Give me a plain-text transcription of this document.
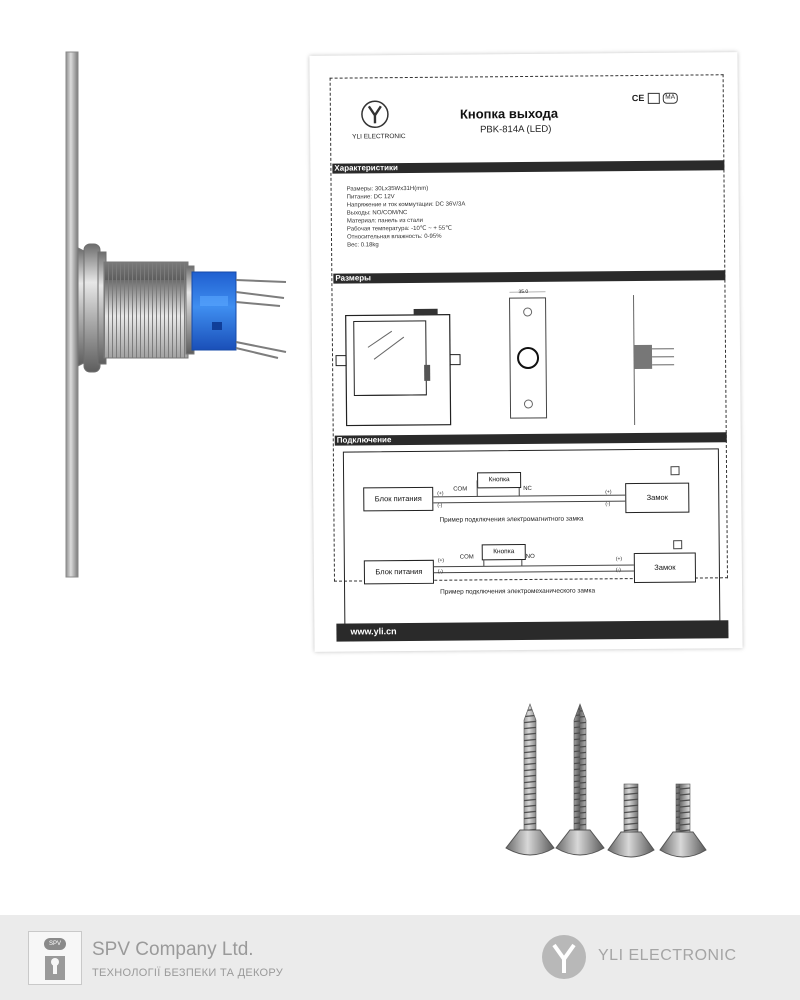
YLI ELECTRONIC
Кнопка выхода
PBK-814A (LED)
CE	MA
Характеристики
Размеры: 30Lx35Wx31H(mm)
Питание: DC 12V
Напряжение и ток коммутации: DC 36V/3A
Выходы: NO/COM/NC
Материал: панель из стали
Рабочая температура: -10℃ ~ + 55℃
Относительная влажность: 0-95%
Вес: 0.18kg
Размеры
35.0
Подключение
Блок питания
Кнопка
Замок
COM	NC
(+)
(-)
(+)
(-)
Пример подключения электромагнитного замка
Блок питания
Кнопка
Замок
COM	NO
(+)
(-)
(+)
(-)
Пример подключения электромеханического замка
www.yli.cn
SPV SPV Company Ltd.
ТЕХНОЛОГІЇ БЕЗПЕКИ ТА ДЕКОРУ
YLI ELECTRONIC
